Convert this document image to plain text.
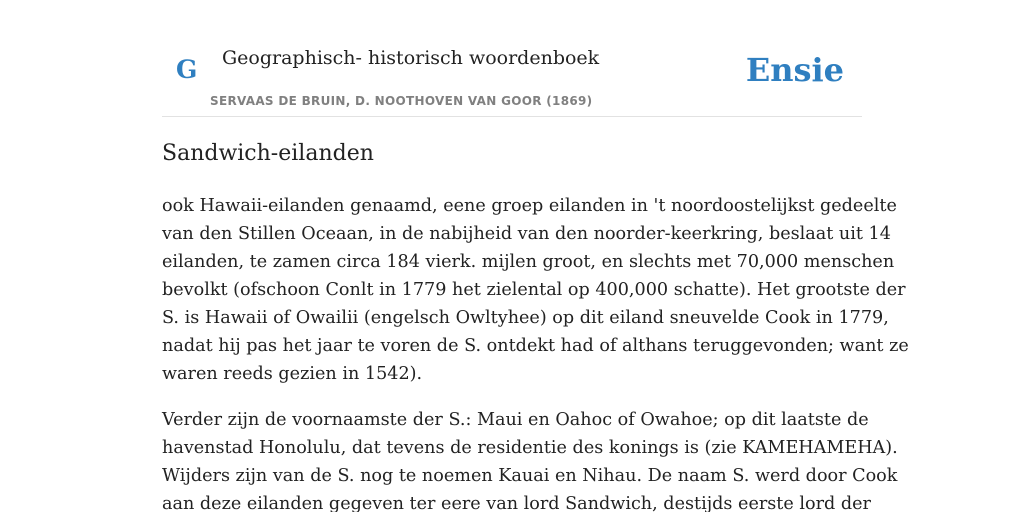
G Geographisch- historisch woordenboek
SERVAAS DE BRUIN, D. NOOTHOVEN VAN GOOR (1869)
Ensie
Sandwich-eilanden

ook Hawaii-eilanden genaamd, eene groep eilanden in 't noordoostelijkst gedeelte
van den Stillen Oceaan, in de nabijheid van den noorder-keerkring, beslaat uit 14
eilanden, te zamen circa 184 vierk. mijlen groot, en slechts met 70,000 menschen
bevolkt (ofschoon Conlt in 1779 het zielental op 400,000 schatte). Het grootste der
S. is Hawaii of Owailii (engelsch Owltyhee) op dit eiland sneuvelde Cook in 1779,
nadat hij pas het jaar te voren de S. ontdekt had of althans teruggevonden; want ze
waren reeds gezien in 1542).

Verder zijn de voornaamste der S.: Maui en Oahoc of Owahoe; op dit laatste de
havenstad Honolulu, dat tevens de residentie des konings is (zie KAMEHAMEHA).
Wijders zijn van de S. nog te noemen Kauai en Nihau. De naam S. werd door Cook
aan deze eilanden gegeven ter eere van lord Sandwich, destijds eerste lord der
